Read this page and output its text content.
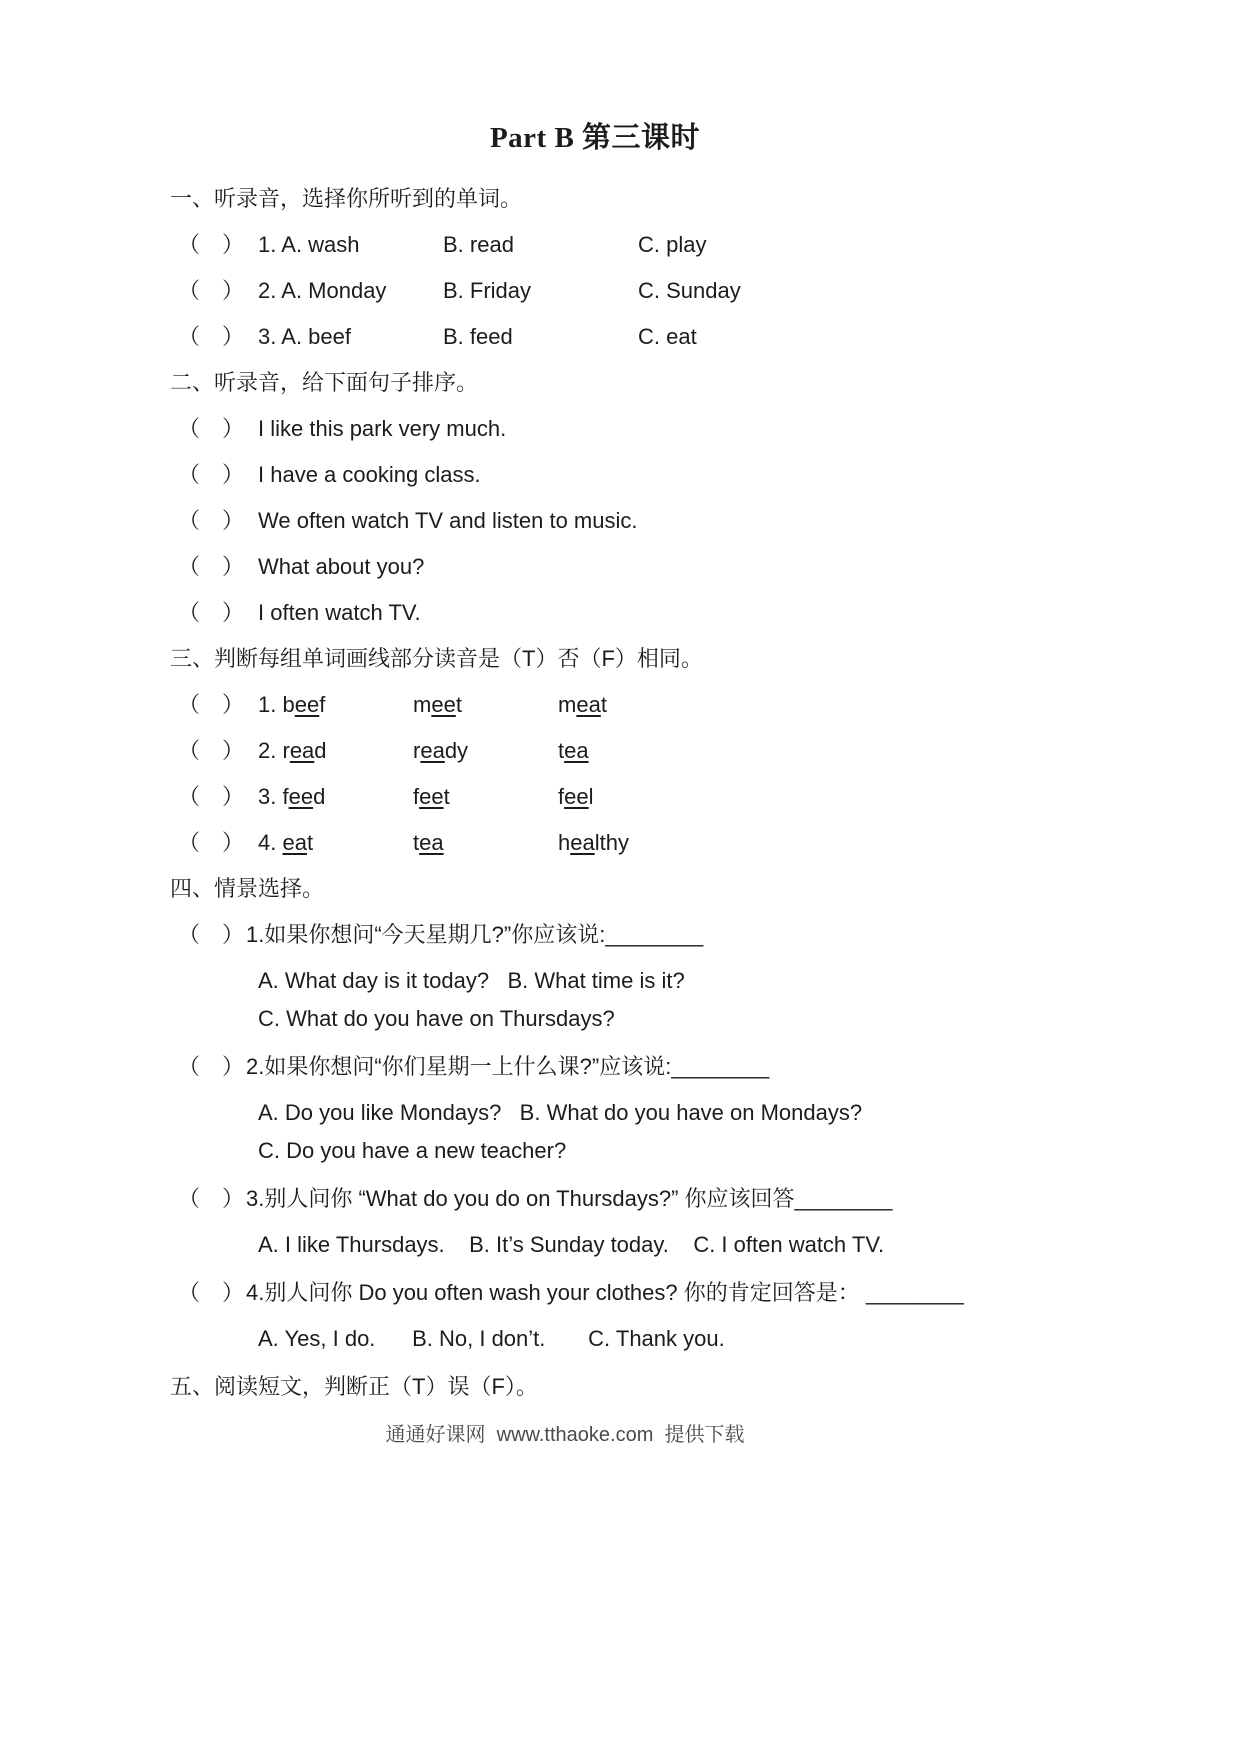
Part B 第三课时
一、听录音，选择你所听到的单词。
（　） 1. A. wash	B. read	C. play
（　） 2. A. Monday	B. Friday	C. Sunday
（　） 3. A. beef	B. feed	C. eat
二、听录音，给下面句子排序。
（　） I like this park very much.
（　） I have a cooking class.
（　） We often watch TV and listen to music.
（　） What about you?
（　） I often watch TV.
三、判断每组单词画线部分读音是（T）否（F）相同。
（　） 1. beef	meet	meat
（　） 2. read	ready	tea
（　） 3. feed	feet	feel
（　） 4. eat	tea	healthy
四、情景选择。
（　） 1.如果你想问“今天星期几?”你应该说:________
A. What day is it today?   B. What time is it?
C. What do you have on Thursdays?
（　） 2.如果你想问“你们星期一上什么课?”应该说:________
A. Do you like Mondays?   B. What do you have on Mondays?
C. Do you have a new teacher?
（　） 3.别人问你 “What do you do on Thursdays?” 你应该回答________
A. I like Thursdays.    B. It’s Sunday today.    C. I often watch TV.
（　） 4.别人问你 Do you often wash your clothes? 你的肯定回答是： ________
A. Yes, I do.      B. No, I don’t.       C. Thank you.
五、阅读短文，判断正（T）误（F）。
通通好课网  www.tthaoke.com  提供下载
